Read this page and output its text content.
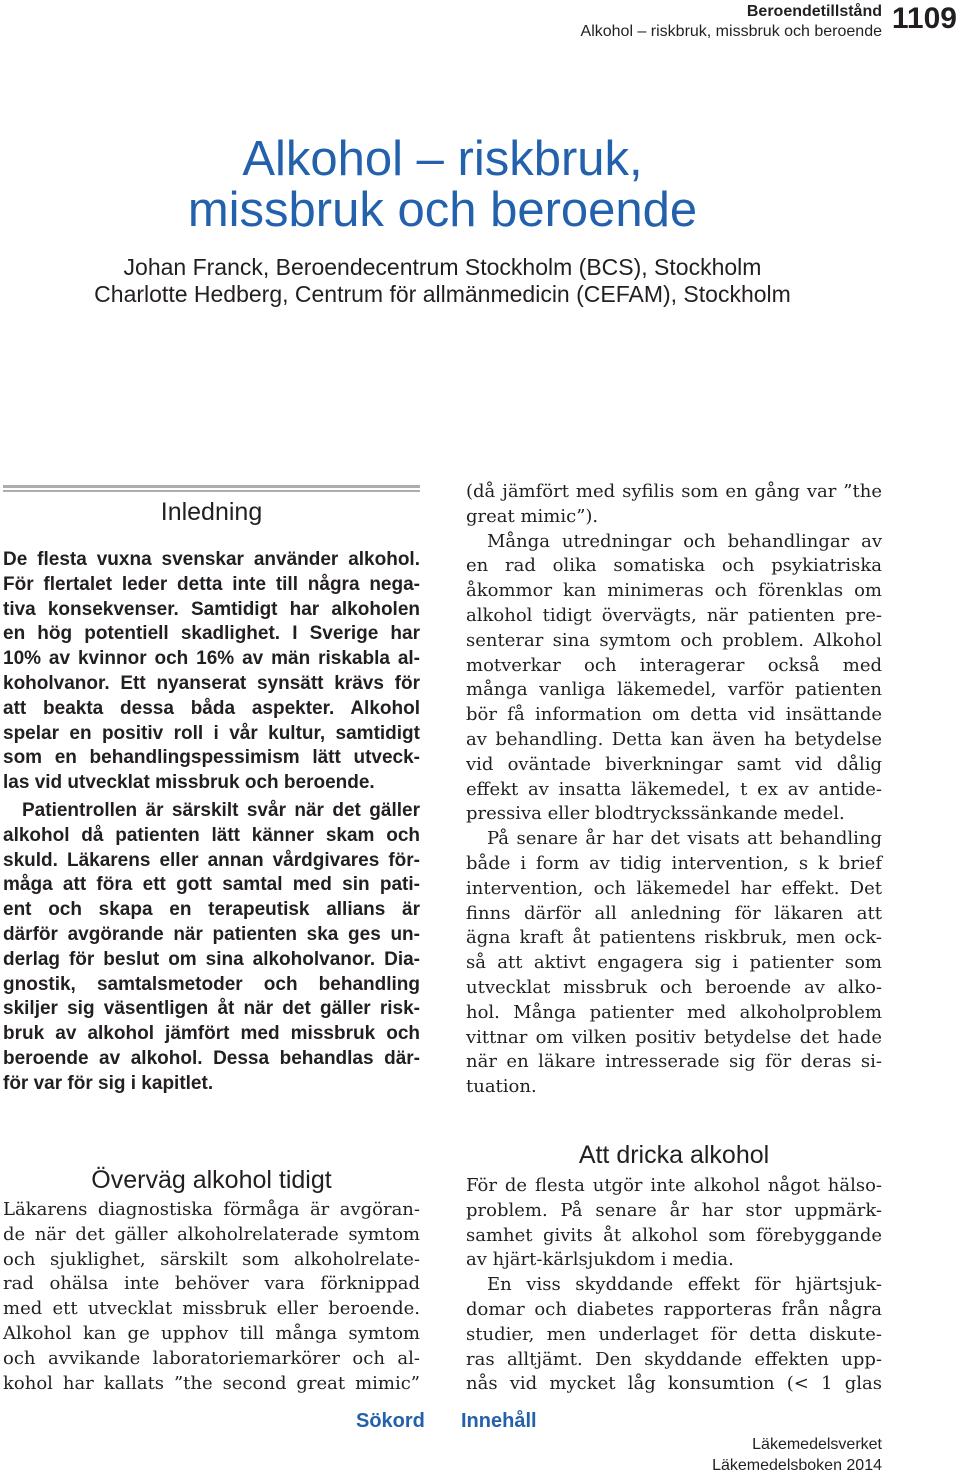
Beroendetillstånd
Alkohol – riskbruk, missbruk och beroende 1109
Alkohol – riskbruk,
missbruk och beroende
Johan Franck, Beroendecentrum Stockholm (BCS), Stockholm
Charlotte Hedberg, Centrum för allmänmedicin (CEFAM), Stockholm
Inledning
De flesta vuxna svenskar använder alkohol.
För flertalet leder detta inte till några nega-
tiva konsekvenser. Samtidigt har alkoholen
en hög potentiell skadlighet. I Sverige har
10% av kvinnor och 16% av män riskabla al-
koholvanor. Ett nyanserat synsätt krävs för
att beakta dessa båda aspekter. Alkohol
spelar en positiv roll i vår kultur, samtidigt
som en behandlingspessimism lätt utveck-
las vid utvecklat missbruk och beroende.
Patientrollen är särskilt svår när det gäller
alkohol då patienten lätt känner skam och
skuld. Läkarens eller annan vårdgivares för-
måga att föra ett gott samtal med sin pati-
ent och skapa en terapeutisk allians är
därför avgörande när patienten ska ges un-
derlag för beslut om sina alkoholvanor. Dia-
gnostik, samtalsmetoder och behandling
skiljer sig väsentligen åt när det gäller risk-
bruk av alkohol jämfört med missbruk och
beroende av alkohol. Dessa behandlas där-
för var för sig i kapitlet.
(då jämfört med syfilis som en gång var ”the
great mimic”).
Många utredningar och behandlingar av
en rad olika somatiska och psykiatriska
åkommor kan minimeras och förenklas om
alkohol tidigt övervägts, när patienten pre-
senterar sina symtom och problem. Alkohol
motverkar och interagerar också med
många vanliga läkemedel, varför patienten
bör få information om detta vid insättande
av behandling. Detta kan även ha betydelse
vid oväntade biverkningar samt vid dålig
effekt av insatta läkemedel, t ex av antide-
pressiva eller blodtryckssänkande medel.
På senare år har det visats att behandling
både i form av tidig intervention, s k brief
intervention, och läkemedel har effekt. Det
finns därför all anledning för läkaren att
ägna kraft åt patientens riskbruk, men ock-
så att aktivt engagera sig i patienter som
utvecklat missbruk och beroende av alko-
hol. Många patienter med alkoholproblem
vittnar om vilken positiv betydelse det hade
när en läkare intresserade sig för deras si-
tuation.
Överväg alkohol tidigt
Läkarens diagnostiska förmåga är avgöran-
de när det gäller alkoholrelaterade symtom
och sjuklighet, särskilt som alkoholrelate-
rad ohälsa inte behöver vara förknippad
med ett utvecklat missbruk eller beroende.
Alkohol kan ge upphov till många symtom
och avvikande laboratoriemarkörer och al-
kohol har kallats ”the second great mimic”
Att dricka alkohol
För de flesta utgör inte alkohol något hälso-
problem. På senare år har stor uppmärk-
samhet givits åt alkohol som förebyggande
av hjärt-kärlsjukdom i media.
En viss skyddande effekt för hjärtsjuk-
domar och diabetes rapporteras från några
studier, men underlaget för detta diskute-
ras alltjämt. Den skyddande effekten upp-
nås vid mycket låg konsumtion (< 1 glas
Sökord Innehåll
Läkemedelsverket
Läkemedelsboken 2014
